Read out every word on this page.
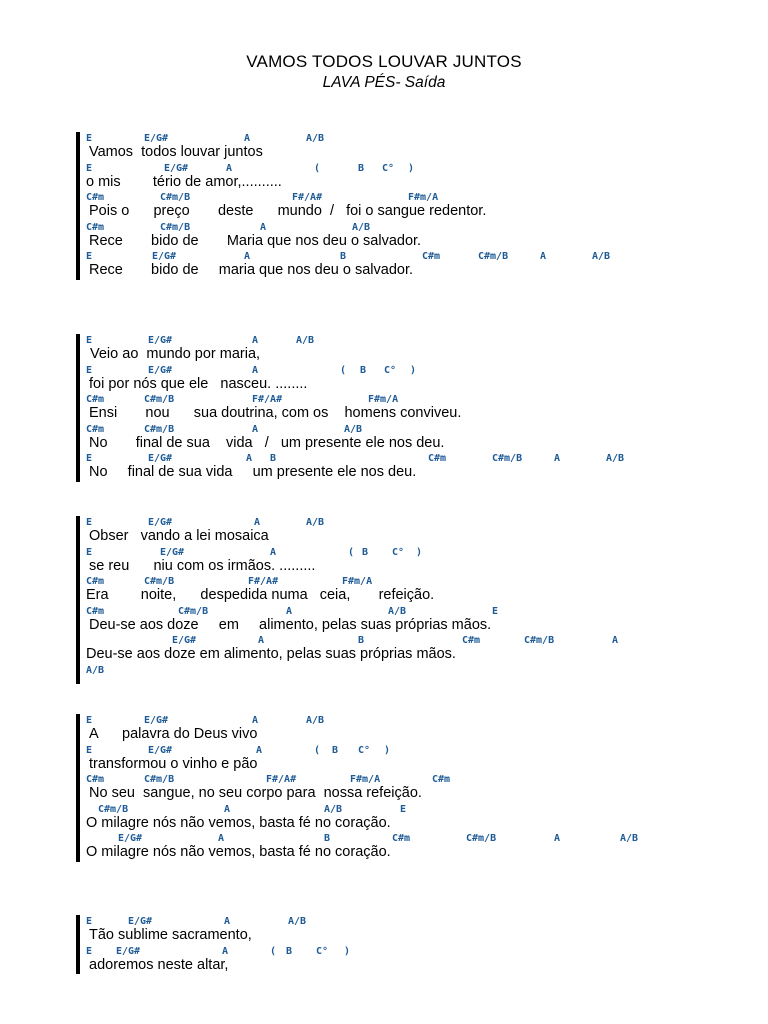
VAMOS TODOS LOUVAR JUNTOS
LAVA PÉS- Saída
E	E/G#	A	A/B
Vamos  todos louvar juntos
E	E/G#	A	(	B C° )
o mis        tério de amor,..........
C#m	C#m/B	F#/A#	F#m/A
Pois o      preço       deste      mundo  /   foi o sangue redentor.
C#m	C#m/B	A	A/B
Rece       bido de       Maria que nos deu o salvador.
E	E/G#	A	B	C#m	C#m/B	A	A/B
Rece       bido de     maria que nos deu o salvador.
E	E/G#	A	A/B
Veio ao  mundo por maria,
E	E/G#	A	( B C° )
foi por nós que ele   nasceu. ........
C#m	C#m/B	F#/A#	F#m/A
Ensi       nou      sua doutrina, com os    homens conviveu.
C#m	C#m/B	A	A/B
No       final de sua    vida   /   um presente ele nos deu.
E	E/G#	A B	C#m	C#m/B	A	A/B
No     final de sua vida     um presente ele nos deu.
E	E/G#	A	A/B
Obser   vando a lei mosaica
E	E/G#	A	( B C° )
se reu      niu com os irmãos. .........
C#m	C#m/B	F#/A#	F#m/A
Era        noite,      despedida numa   ceia,       refeição.
C#m	C#m/B	A	A/B	E
Deu-se aos doze     em     alimento, pelas suas próprias mãos.
E/G#	A	B	C#m	C#m/B	A
Deu-se aos doze em alimento, pelas suas próprias mãos.
A/B
E	E/G#	A	A/B
A      palavra do Deus vivo
E	E/G#	A	( B C° )
transformou o vinho e pão
C#m	C#m/B	F#/A#	F#m/A	C#m
No seu  sangue, no seu corpo para  nossa refeição.
C#m/B	A	A/B	E
O milagre nós não vemos, basta fé no coração.
E/G#	A	B	C#m	C#m/B	A	A/B
O milagre nós não vemos, basta fé no coração.
E	E/G#	A	A/B
Tão sublime sacramento,
E E/G#	A	( B C° )
adoremos neste altar,
